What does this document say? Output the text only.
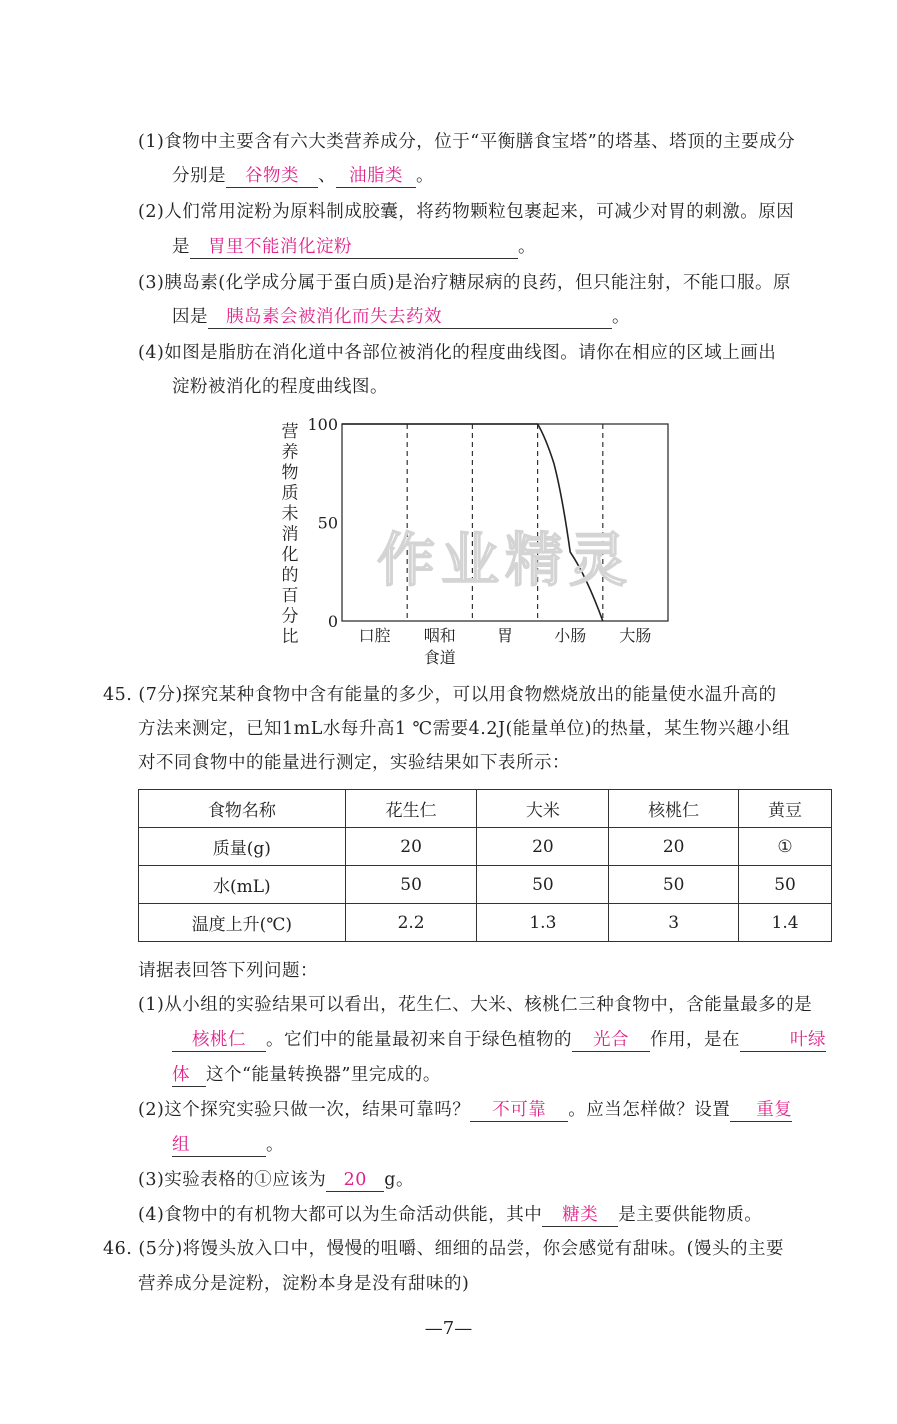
(1)食物中主要含有六大类营养成分，位于“平衡膳食宝塔”的塔基、塔顶的主要成分
分别是 谷物类 、 油脂类 。
(2)人们常用淀粉为原料制成胶囊，将药物颗粒包裹起来，可减少对胃的刺激。原因
是 胃里不能消化淀粉	。
(3)胰岛素(化学成分属于蛋白质)是治疗糖尿病的良药，但只能注射，不能口服。原
因是 胰岛素会被消化而失去药效	。
(4)如图是脂肪在消化道中各部位被消化的程度曲线图。请你在相应的区域上画出
淀粉被消化的程度曲线图。
营
养
物
质
未
消
化
的
百
分
比
100
50
0
口腔 咽和食道
胃	小肠 大肠
作业精灵
45. (7分)探究某种食物中含有能量的多少，可以用食物燃烧放出的能量使水温升高的
方法来测定，已知1mL水每升高1 ℃需要4.2J(能量单位)的热量，某生物兴趣小组
对不同食物中的能量进行测定，实验结果如下表所示：
食物名称	花生仁	大米	核桃仁	黄豆
质量(g)	20	20	20	①
水(mL)	50	50	50	50
温度上升(℃)	2.2	1.3	3	1.4
请据表回答下列问题：
(1)从小组的实验结果可以看出，花生仁、大米、核桃仁三种食物中，含能量最多的是
核桃仁 。它们中的能量最初来自于绿色植物的 光合 作用，是在	叶绿
体 这个“能量转换器”里完成的。
(2)这个探究实验只做一次，结果可靠吗？ 不可靠 。应当怎样做？设置 重复
组	。
(3)实验表格的①应该为 20 g。
(4)食物中的有机物大都可以为生命活动供能，其中 糖类 是主要供能物质。
46. (5分)将馒头放入口中，慢慢的咀嚼、细细的品尝，你会感觉有甜味。(馒头的主要
营养成分是淀粉，淀粉本身是没有甜味的)
—7—
